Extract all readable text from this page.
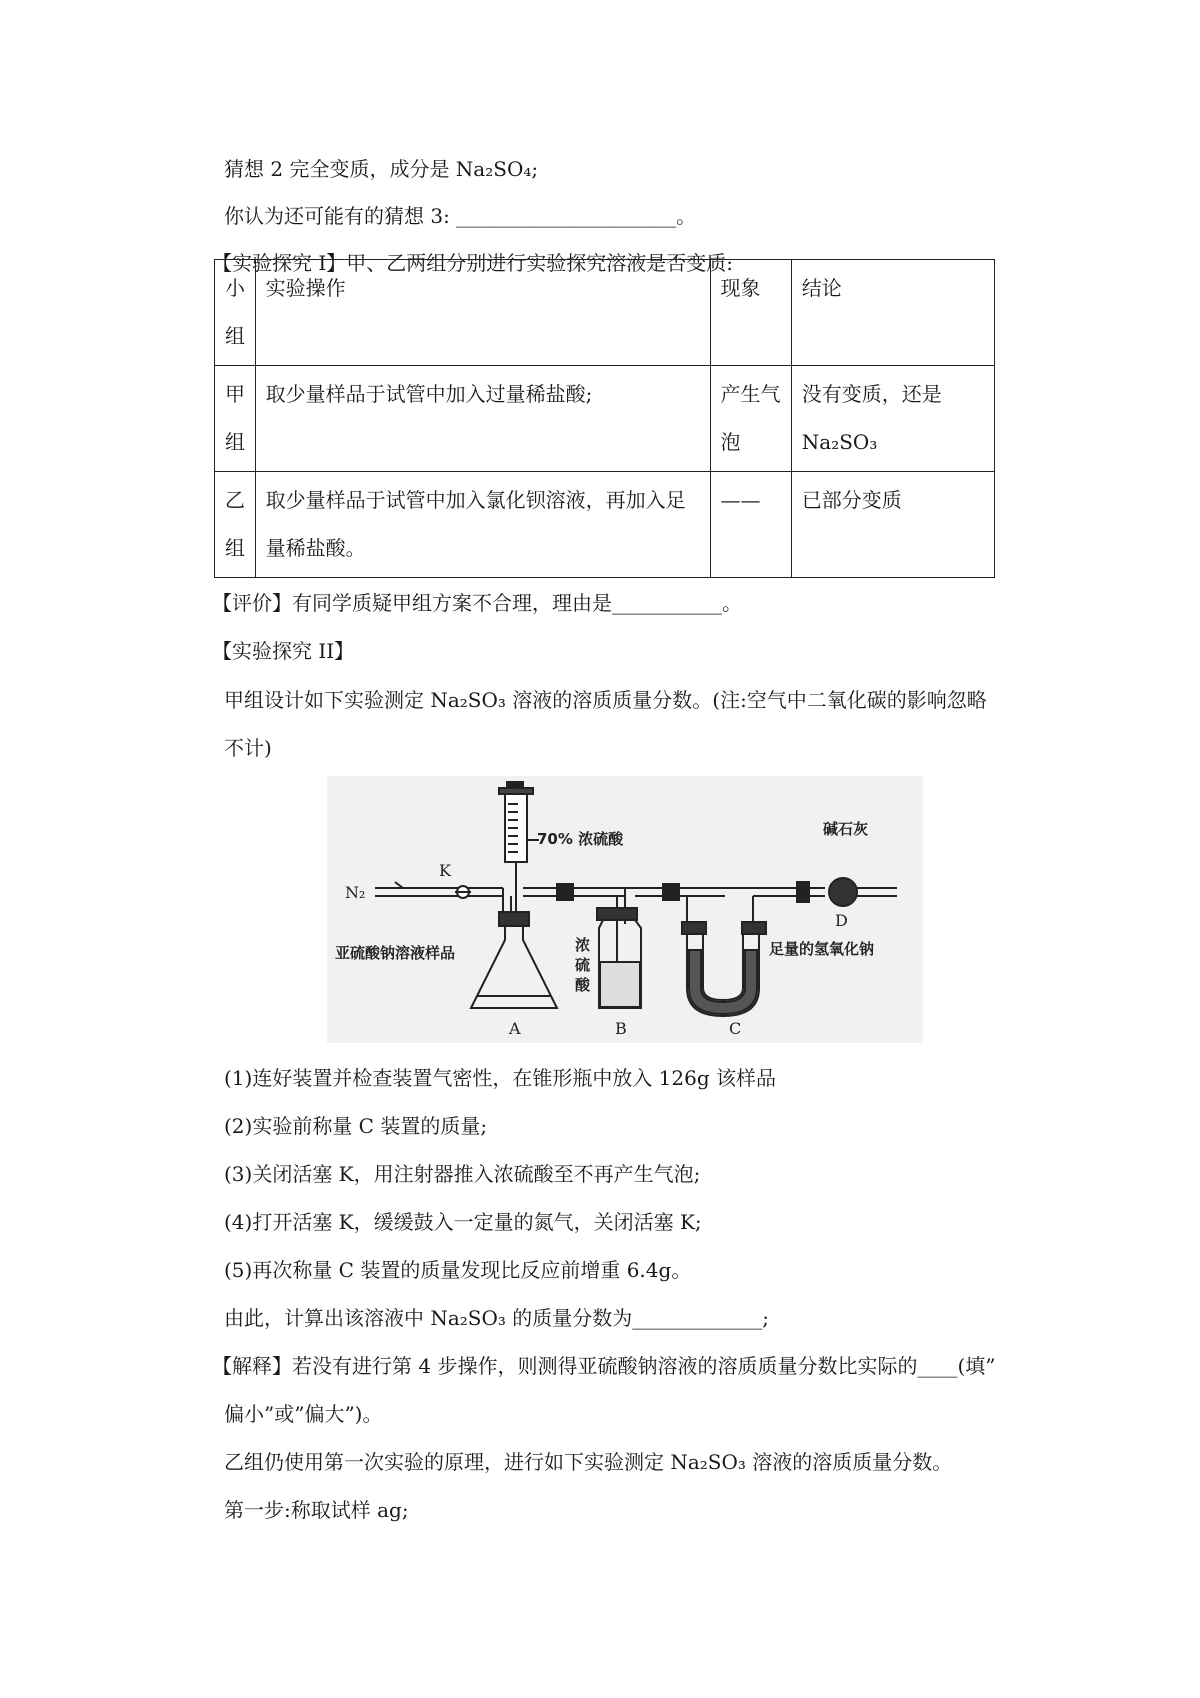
猜想 2 完全变质，成分是 Na₂SO₄;
你认为还可能有的猜想 3: ______________________。
【实验探究 I】甲、乙两组分别进行实验探究溶液是否变质:
小组	实验操作	现象	结论

甲组	取少量样品于试管中加入过量稀盐酸;	产生气泡	没有变质，还是 Na₂SO₃

乙组	取少量样品于试管中加入氯化钡溶液，再加入足量稀盐酸。	——	已部分变质
【评价】有同学质疑甲组方案不合理，理由是___________。
【实验探究 II】
甲组设计如下实验测定 Na₂SO₃ 溶液的溶质质量分数。(注:空气中二氧化碳的影响忽略
不计)
70% 浓硫酸
K
N₂
亚硫酸钠溶液样品	浓
硫
酸
足量的氢氧化钠
碱石灰
A	B	C
D
(1)连好装置并检查装置气密性，在锥形瓶中放入 126g 该样品
(2)实验前称量 C 装置的质量;
(3)关闭活塞 K，用注射器推入浓硫酸至不再产生气泡;
(4)打开活塞 K，缓缓鼓入一定量的氮气，关闭活塞 K;
(5)再次称量 C 装置的质量发现比反应前增重 6.4g。
由此，计算出该溶液中 Na₂SO₃ 的质量分数为_____________;
【解释】若没有进行第 4 步操作，则测得亚硫酸钠溶液的溶质质量分数比实际的____(填”
偏小”或”偏大”)。
乙组仍使用第一次实验的原理，进行如下实验测定 Na₂SO₃ 溶液的溶质质量分数。
第一步:称取试样 ag;
